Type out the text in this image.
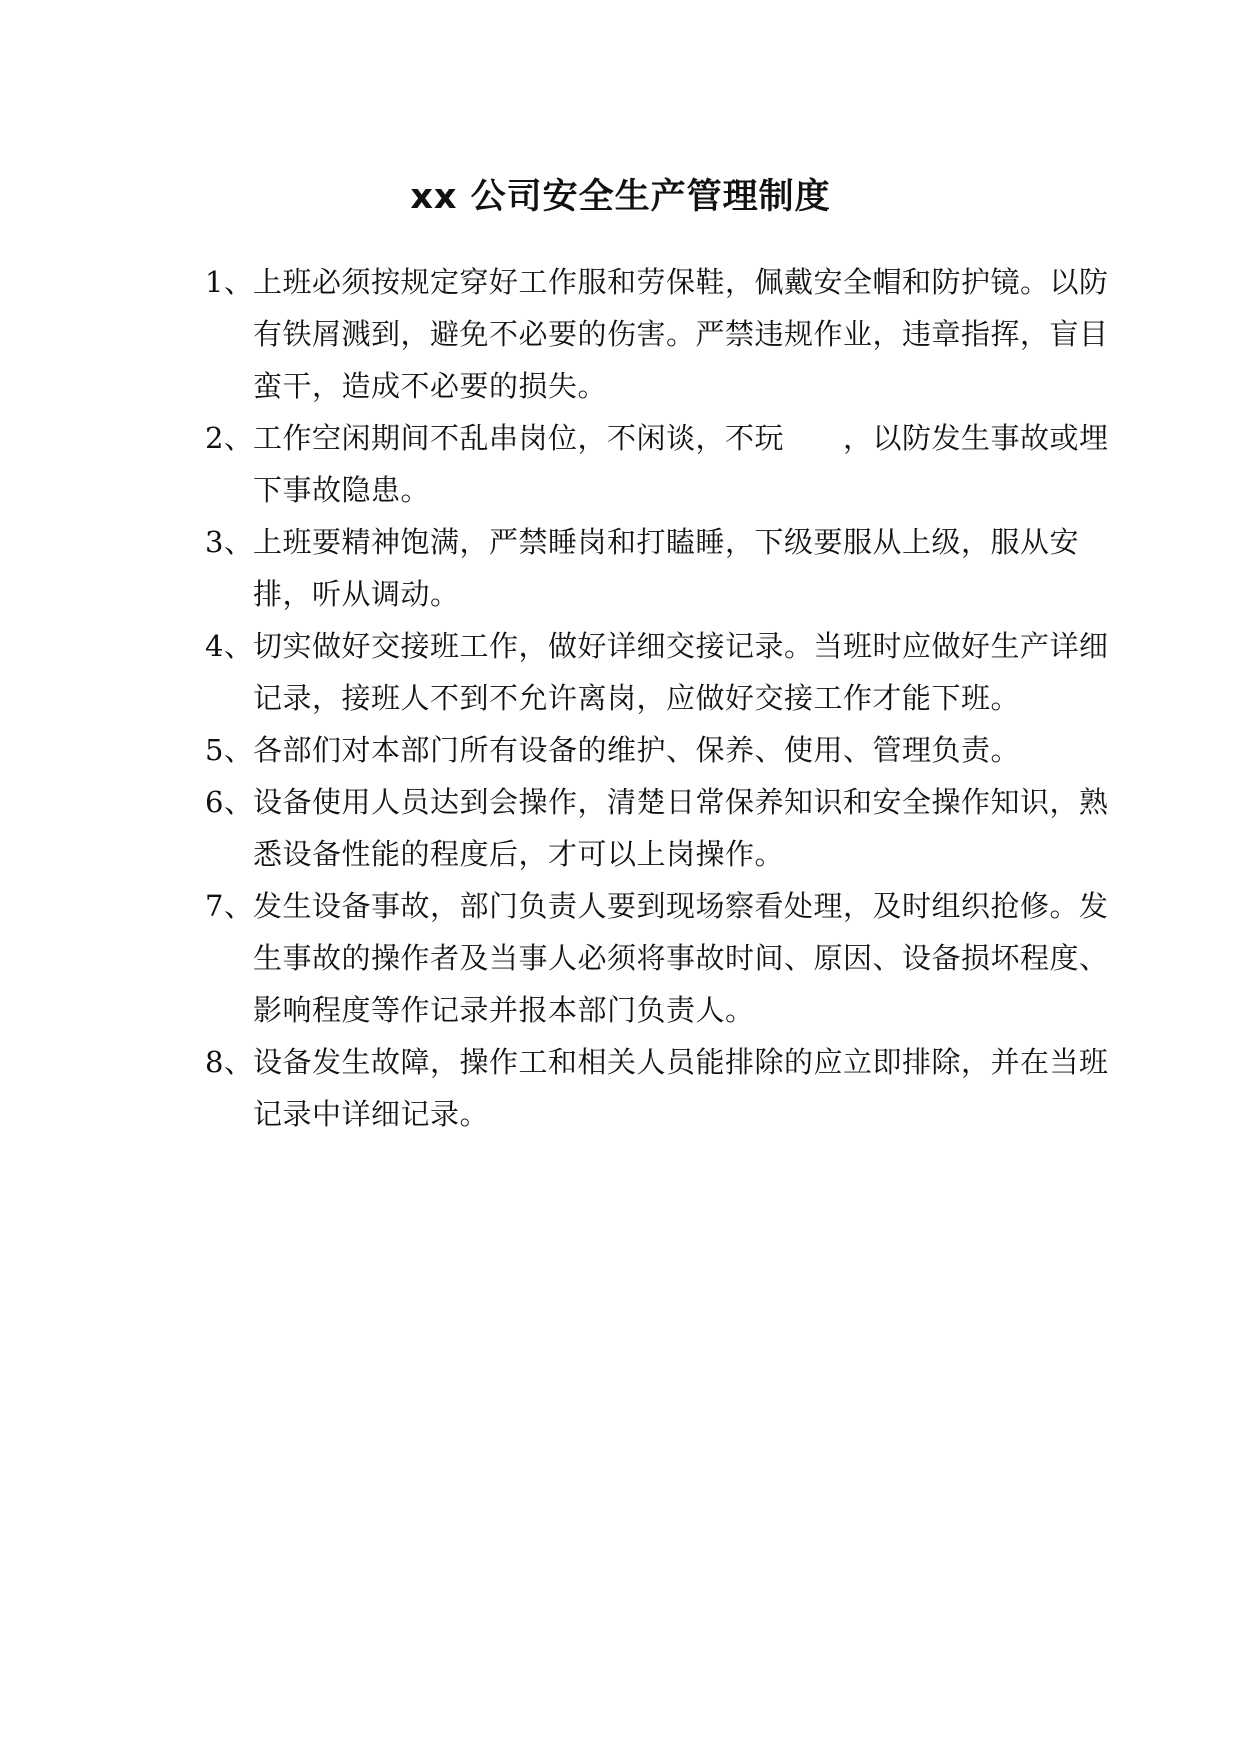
xx 公司安全生产管理制度
1、 上班必须按规定穿好工作服和劳保鞋，佩戴安全帽和防护镜。以防有铁屑溅到，避免不必要的伤害。严禁违规作业，违章指挥，盲目蛮干，造成不必要的损失。
2、 工作空闲期间不乱串岗位，不闲谈，不玩　　，以防发生事故或埋下事故隐患。
3、 上班要精神饱满，严禁睡岗和打瞌睡，下级要服从上级，服从安排，听从调动。
4、 切实做好交接班工作，做好详细交接记录。当班时应做好生产详细记录，接班人不到不允许离岗，应做好交接工作才能下班。
5、 各部们对本部门所有设备的维护、保养、使用、管理负责。
6、 设备使用人员达到会操作，清楚日常保养知识和安全操作知识，熟悉设备性能的程度后，才可以上岗操作。
7、 发生设备事故，部门负责人要到现场察看处理，及时组织抢修。发生事故的操作者及当事人必须将事故时间、原因、设备损坏程度、影响程度等作记录并报本部门负责人。
8、 设备发生故障，操作工和相关人员能排除的应立即排除，并在当班记录中详细记录。
